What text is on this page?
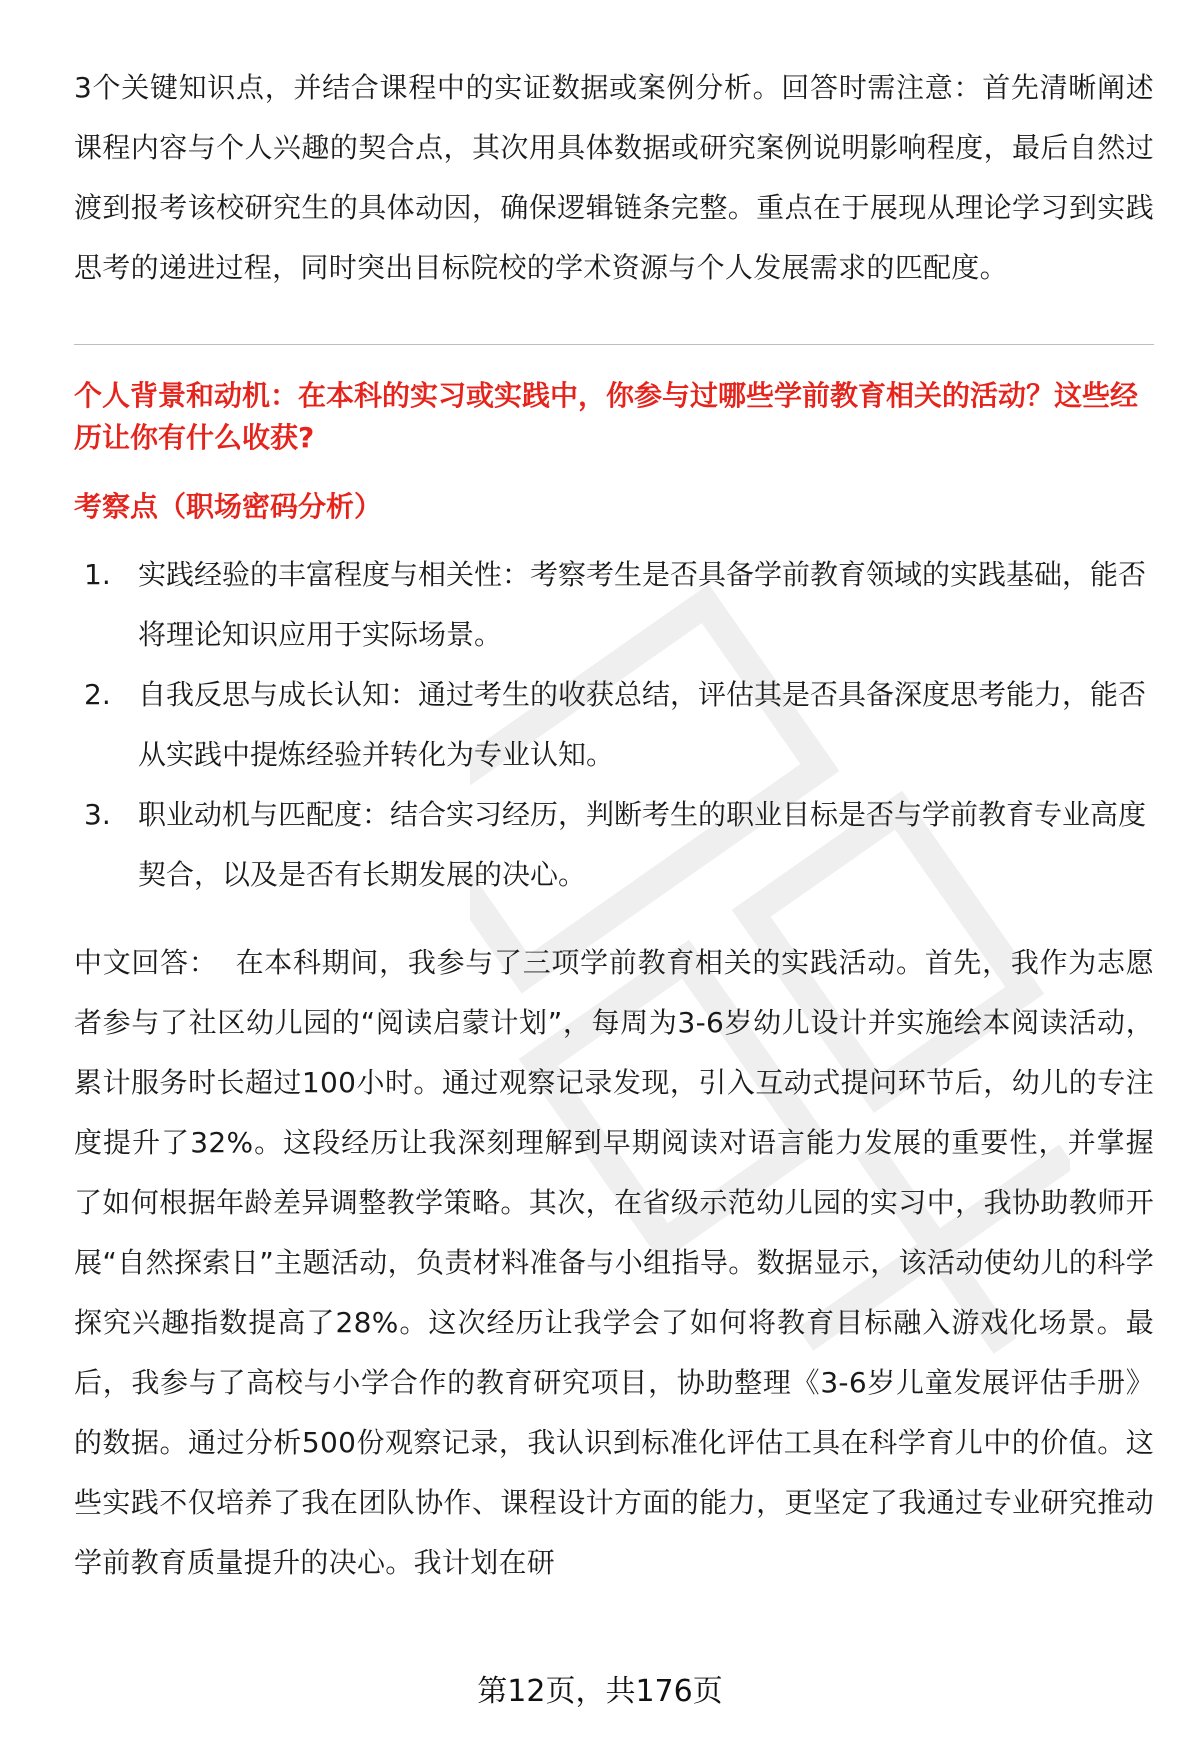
3个关键知识点，并结合课程中的实证数据或案例分析。回答时需注意：首先清晰阐述课程内容与个人兴趣的契合点，其次用具体数据或研究案例说明影响程度，最后自然过渡到报考该校研究生的具体动因，确保逻辑链条完整。重点在于展现从理论学习到实践思考的递进过程，同时突出目标院校的学术资源与个人发展需求的匹配度。

个人背景和动机：在本科的实习或实践中，你参与过哪些学前教育相关的活动？这些经历让你有什么收获?

考察点（职场密码分析）

1. 实践经验的丰富程度与相关性：考察考生是否具备学前教育领域的实践基础，能否将理论知识应用于实际场景。
2. 自我反思与成长认知：通过考生的收获总结，评估其是否具备深度思考能力，能否从实践中提炼经验并转化为专业认知。
3. 职业动机与匹配度：结合实习经历，判断考生的职业目标是否与学前教育专业高度契合，以及是否有长期发展的决心。

中文回答： 在本科期间，我参与了三项学前教育相关的实践活动。首先，我作为志愿者参与了社区幼儿园的“阅读启蒙计划”，每周为3-6岁幼儿设计并实施绘本阅读活动，累计服务时长超过100小时。通过观察记录发现，引入互动式提问环节后，幼儿的专注度提升了32%。这段经历让我深刻理解到早期阅读对语言能力发展的重要性，并掌握了如何根据年龄差异调整教学策略。其次，在省级示范幼儿园的实习中，我协助教师开展“自然探索日”主题活动，负责材料准备与小组指导。数据显示，该活动使幼儿的科学探究兴趣指数提高了28%。这次经历让我学会了如何将教育目标融入游戏化场景。最后，我参与了高校与小学合作的教育研究项目，协助整理《3-6岁儿童发展评估手册》的数据。通过分析500份观察记录，我认识到标准化评估工具在科学育儿中的价值。这些实践不仅培养了我在团队协作、课程设计方面的能力，更坚定了我通过专业研究推动学前教育质量提升的决心。我计划在研

第12页，共176页
